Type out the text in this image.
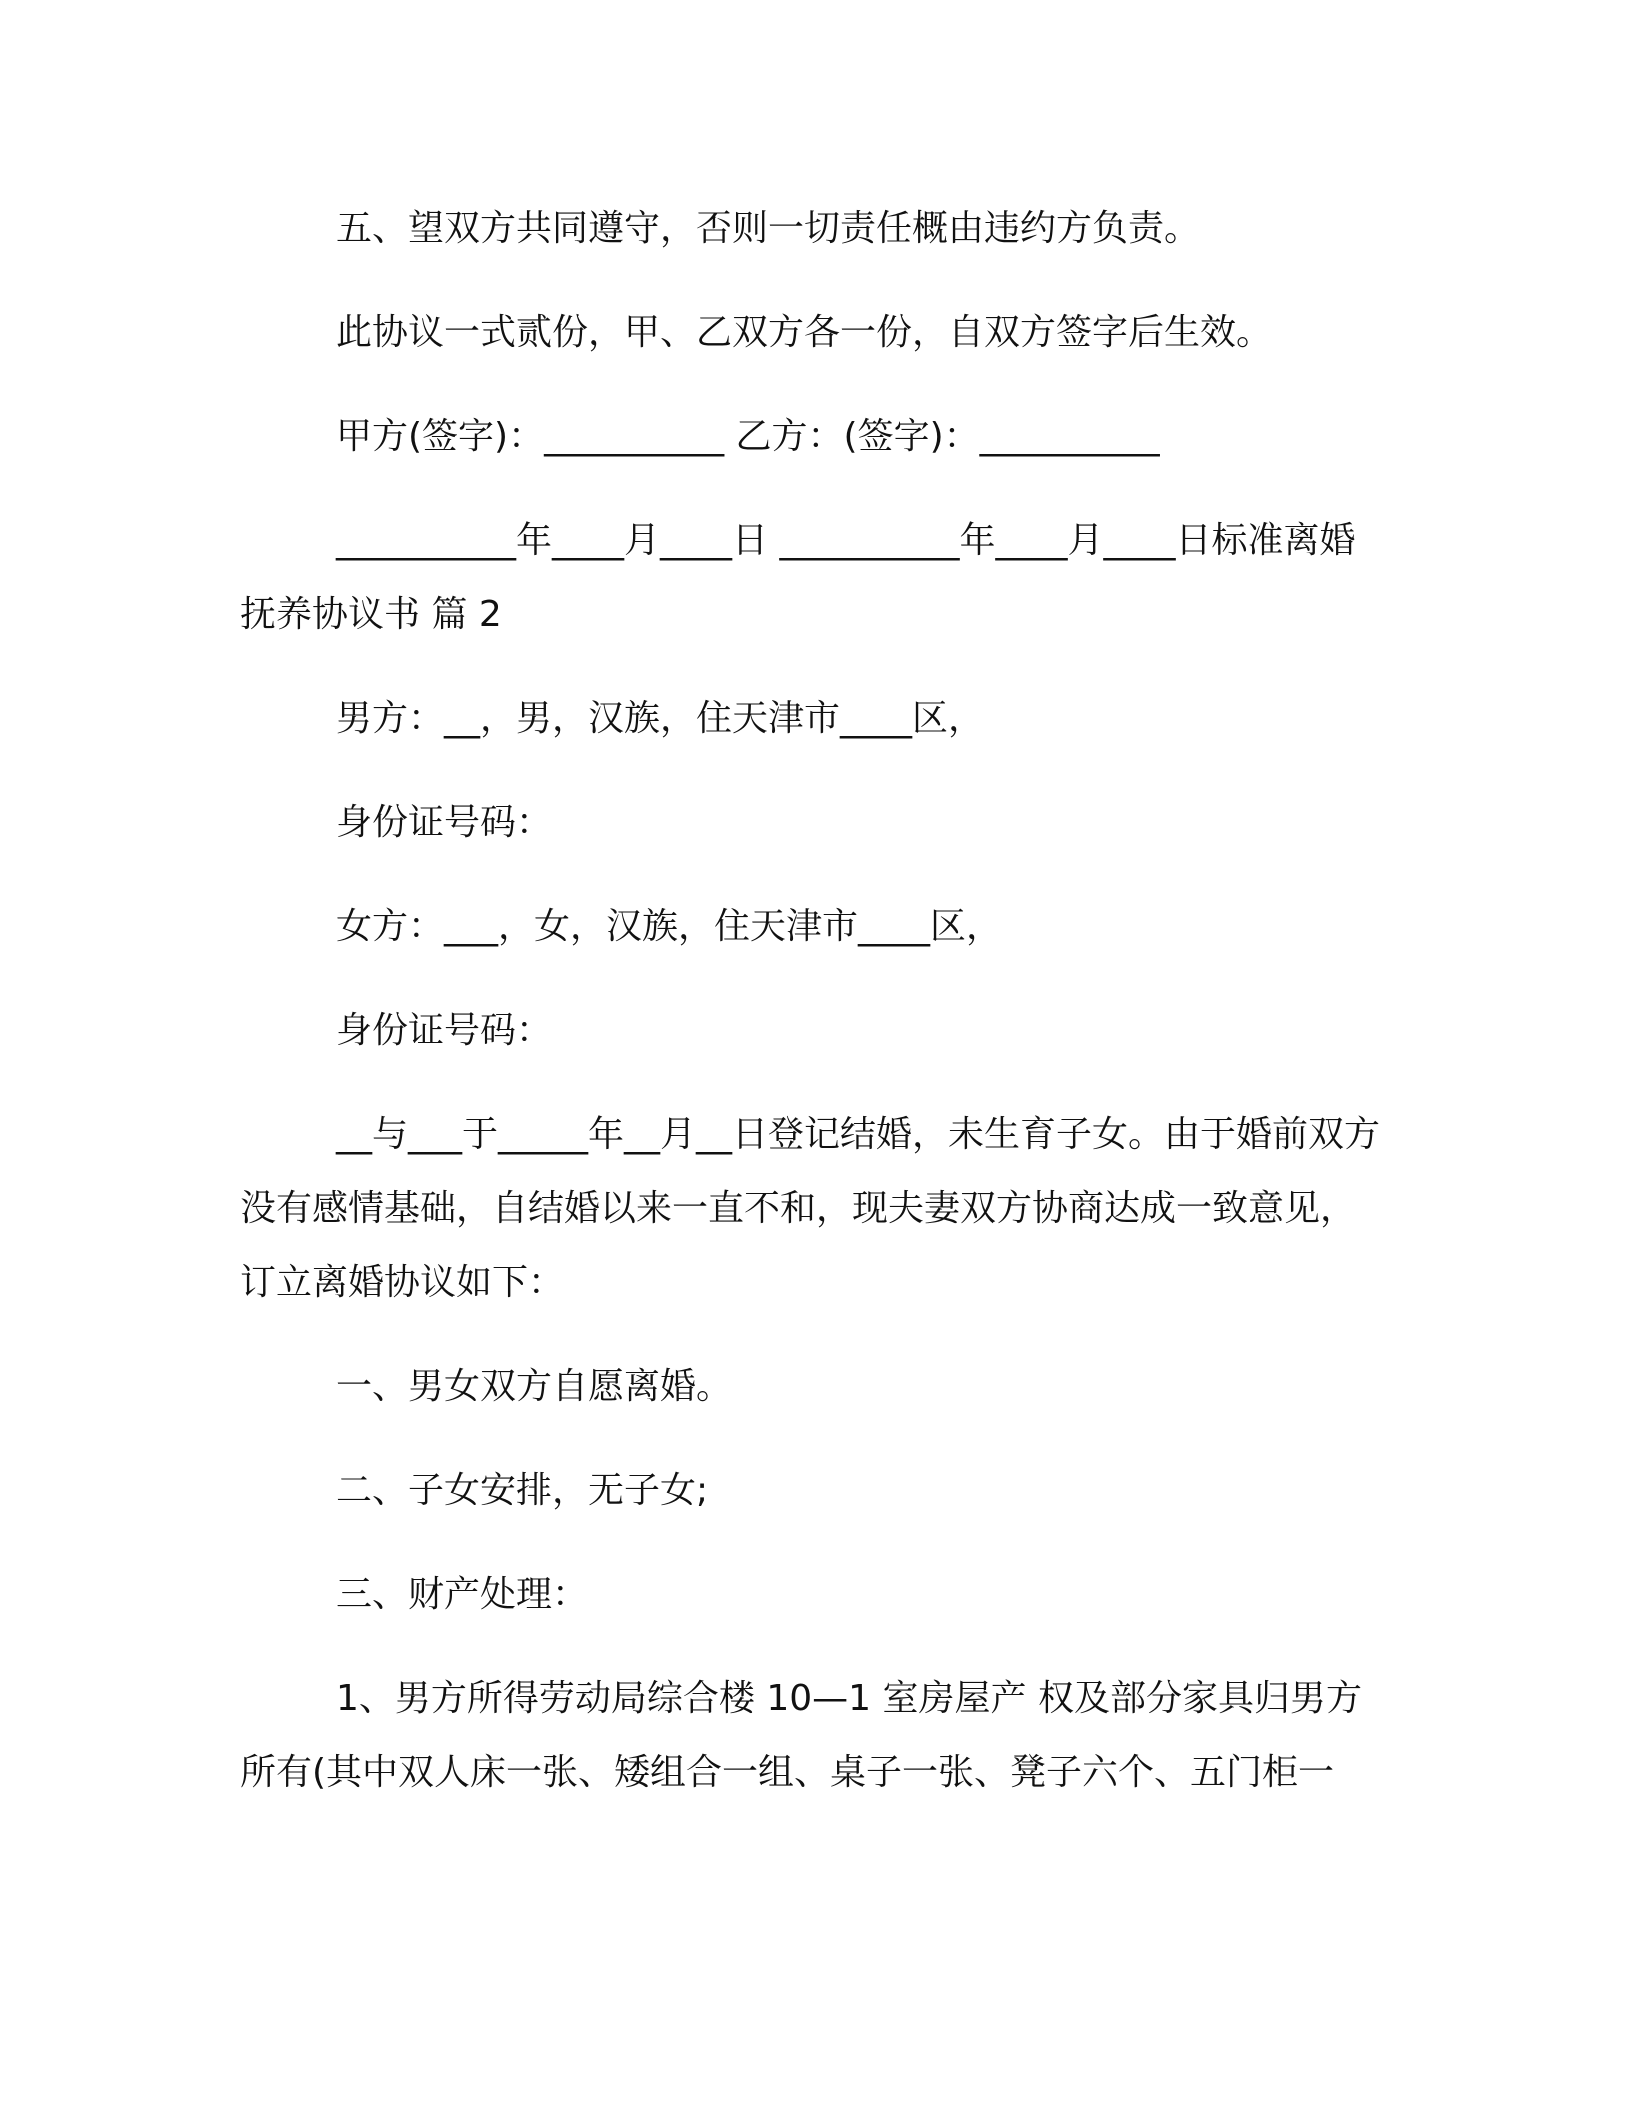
五、望双方共同遵守，否则一切责任概由违约方负责。

此协议一式贰份，甲、乙双方各一份，自双方签字后生效。

甲方(签字)：__________ 乙方：(签字)：__________

__________年____月____日 __________年____月____日标准离婚抚养协议书 篇 2

男方：__，男，汉族，住天津市____区，

身份证号码：

女方：___，女，汉族，住天津市____区，

身份证号码：

__与___于_____年__月__日登记结婚，未生育子女。由于婚前双方没有感情基础，自结婚以来一直不和，现夫妻双方协商达成一致意见，订立离婚协议如下：

一、男女双方自愿离婚。

二、子女安排，无子女;

三、财产处理：

1、男方所得劳动局综合楼 10—1 室房屋产 权及部分家具归男方所有(其中双人床一张、矮组合一组、桌子一张、凳子六个、五门柜一
